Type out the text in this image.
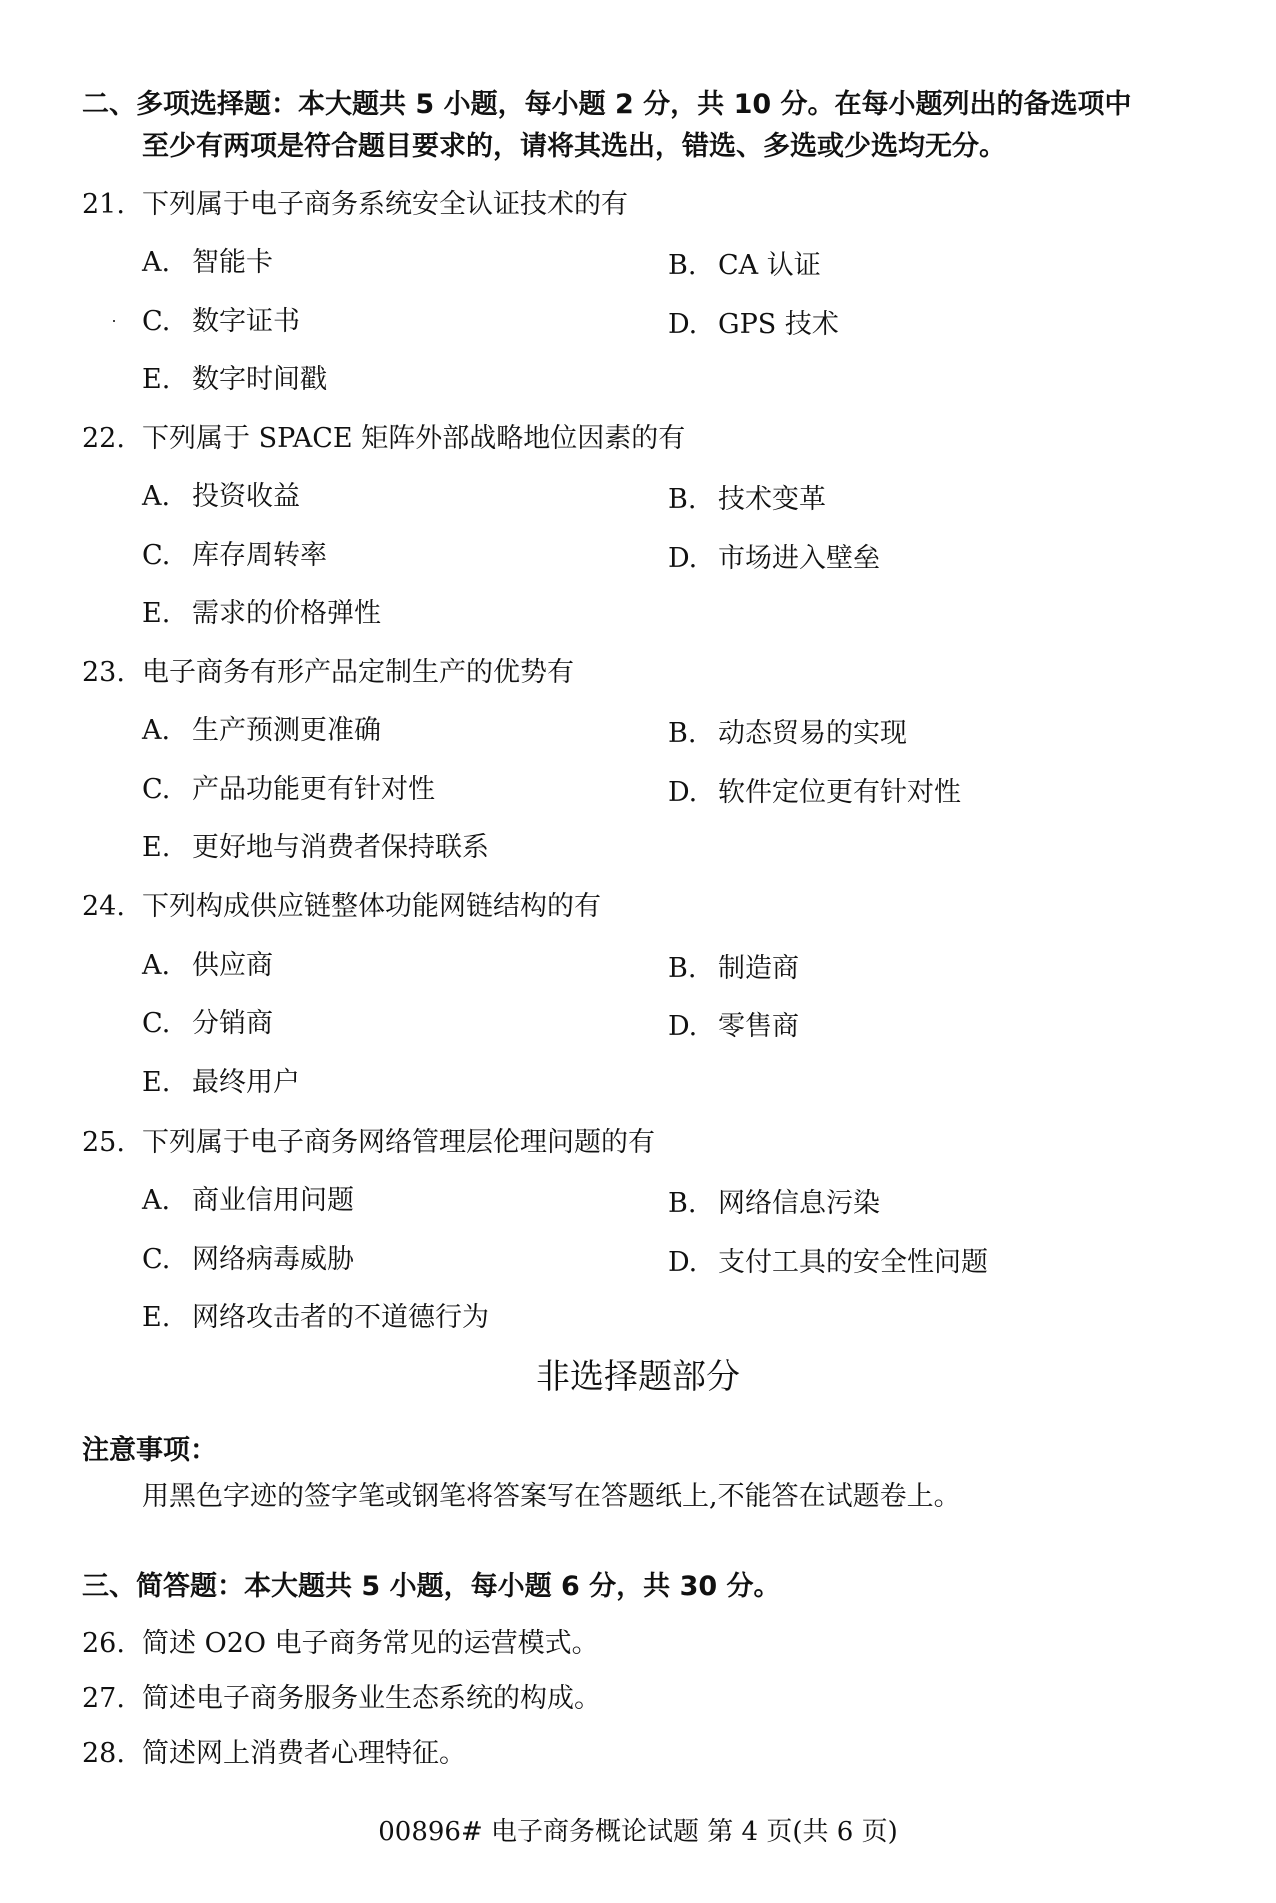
二、多项选择题：本大题共 5 小题，每小题 2 分，共 10 分。在每小题列出的备选项中
至少有两项是符合题目要求的，请将其选出，错选、多选或少选均无分。
21. 下列属于电子商务系统安全认证技术的有
A. 智能卡	B. CA 认证
C. 数字证书	D. GPS 技术
E. 数字时间戳
22. 下列属于 SPACE 矩阵外部战略地位因素的有
A. 投资收益	B. 技术变革
C. 库存周转率	D. 市场进入壁垒
E. 需求的价格弹性
23. 电子商务有形产品定制生产的优势有
A. 生产预测更准确	B. 动态贸易的实现
C. 产品功能更有针对性	D. 软件定位更有针对性
E. 更好地与消费者保持联系
24. 下列构成供应链整体功能网链结构的有
A. 供应商	B. 制造商
C. 分销商	D. 零售商
E. 最终用户
25. 下列属于电子商务网络管理层伦理问题的有
A. 商业信用问题	B. 网络信息污染
C. 网络病毒威胁	D. 支付工具的安全性问题
E. 网络攻击者的不道德行为
非选择题部分
注意事项：
用黑色字迹的签字笔或钢笔将答案写在答题纸上,不能答在试题卷上。
三、简答题：本大题共 5 小题，每小题 6 分，共 30 分。
26. 简述 O2O 电子商务常见的运营模式。
27. 简述电子商务服务业生态系统的构成。
28. 简述网上消费者心理特征。
00896# 电子商务概论试题 第 4 页(共 6 页)
